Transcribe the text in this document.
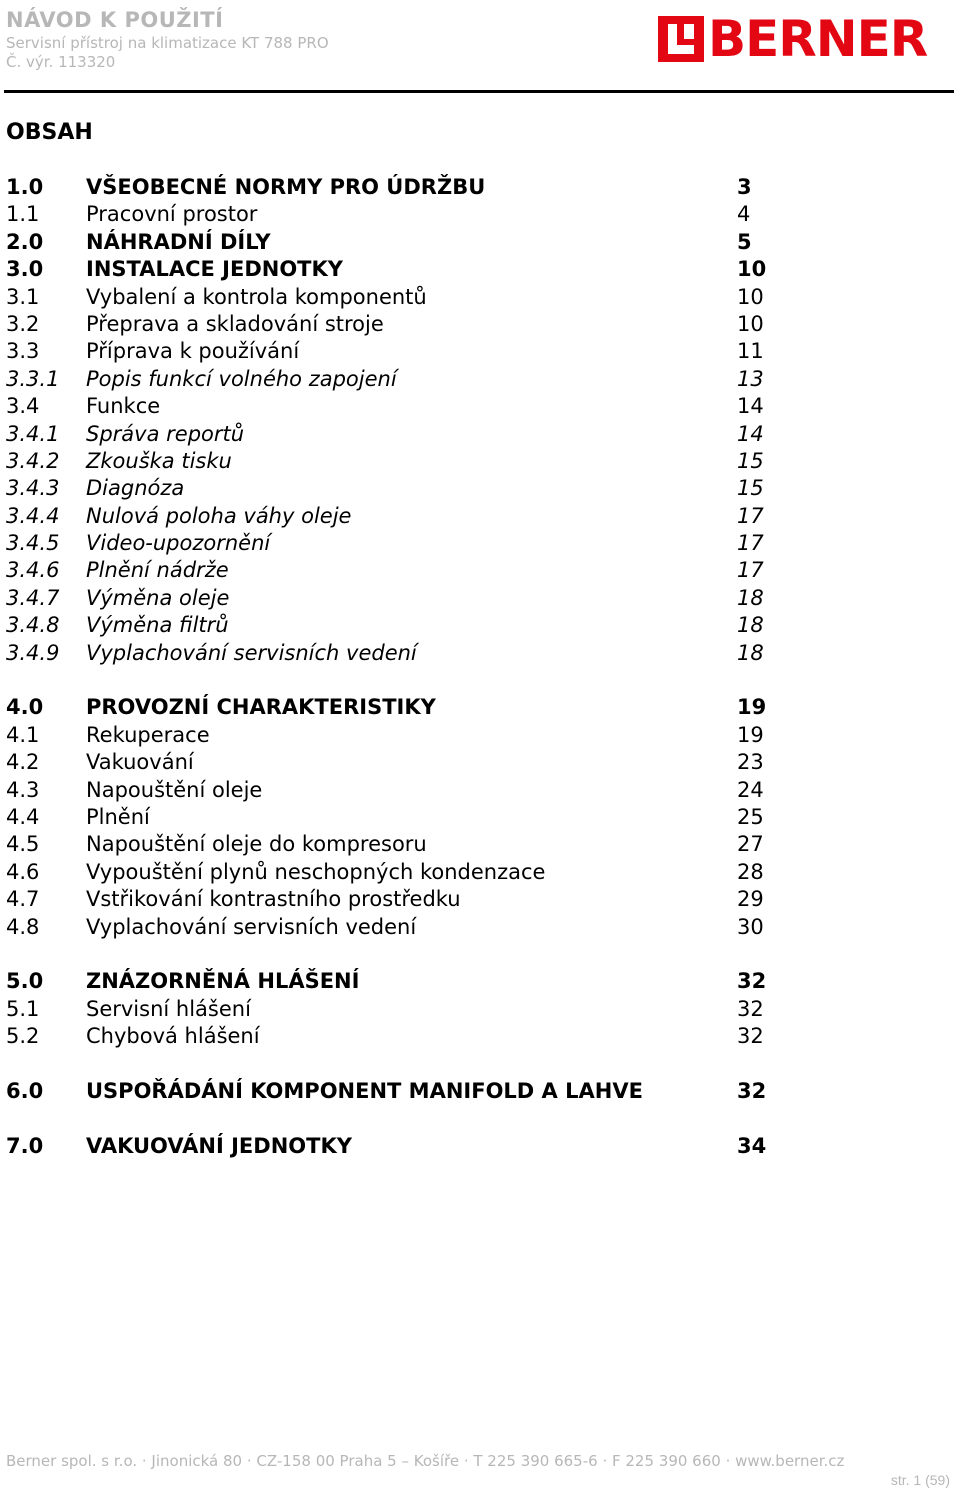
NÁVOD K POUŽITÍ
Servisní přístroj na klimatizace KT 788 PRO
Č. výr. 113320	BERNER
OBSAH
1.0 VŠEOBECNÉ NORMY PRO ÚDRŽBU	3
1.1 Pracovní prostor	4
2.0 NÁHRADNÍ DÍLY	5
3.0 INSTALACE JEDNOTKY	10
3.1 Vybalení a kontrola komponentů	10
3.2 Přeprava a skladování stroje	10
3.3 Příprava k používání	11
3.3.1 Popis funkcí volného zapojení	13
3.4 Funkce	14
3.4.1 Správa reportů	14
3.4.2 Zkouška tisku	15
3.4.3 Diagnóza	15
3.4.4 Nulová poloha váhy oleje	17
3.4.5 Video-upozornění	17
3.4.6 Plnění nádrže	17
3.4.7 Výměna oleje	18
3.4.8 Výměna filtrů	18
3.4.9 Vyplachování servisních vedení	18
4.0 PROVOZNÍ CHARAKTERISTIKY	19
4.1 Rekuperace	19
4.2 Vakuování	23
4.3 Napouštění oleje	24
4.4 Plnění	25
4.5 Napouštění oleje do kompresoru	27
4.6 Vypouštění plynů neschopných kondenzace	28
4.7 Vstřikování kontrastního prostředku	29
4.8 Vyplachování servisních vedení	30
5.0 ZNÁZORNĚNÁ HLÁŠENÍ	32
5.1 Servisní hlášení	32
5.2 Chybová hlášení	32
6.0 USPOŘÁDÁNÍ KOMPONENT MANIFOLD A LAHVE	32
7.0 VAKUOVÁNÍ JEDNOTKY	34
Berner spol. s r.o. · Jinonická 80 · CZ-158 00 Praha 5 – Košíře · T 225 390 665-6 · F 225 390 660 · www.berner.cz
str. 1 (59)
